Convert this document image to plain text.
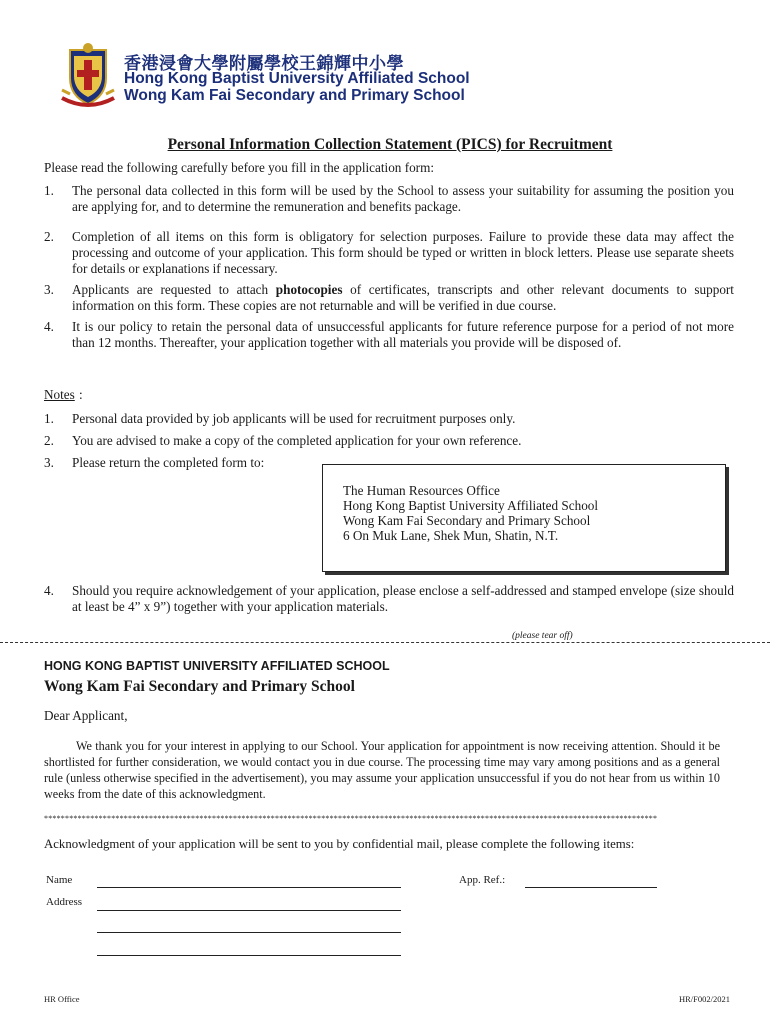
香港浸會大學附屬學校王錦輝中小學
Hong Kong Baptist University Affiliated School
Wong Kam Fai Secondary and Primary School
Personal Information Collection Statement (PICS) for Recruitment
Please read the following carefully before you fill in the application form:
1.	The personal data collected in this form will be used by the School to assess your suitability for assuming the position you are applying for, and to determine the remuneration and benefits package.
2.	Completion of all items on this form is obligatory for selection purposes. Failure to provide these data may affect the processing and outcome of your application. This form should be typed or written in block letters. Please use separate sheets for details or explanations if necessary.
3.	Applicants are requested to attach photocopies of certificates, transcripts and other relevant documents to support information on this form. These copies are not returnable and will be verified in due course.
4.	It is our policy to retain the personal data of unsuccessful applicants for future reference purpose for a period of not more than 12 months. Thereafter, your application together with all materials you provide will be disposed of.
Notes :
1.	Personal data provided by job applicants will be used for recruitment purposes only.
2.	You are advised to make a copy of the completed application for your own reference.
3.	Please return the completed form to:
The Human Resources Office
Hong Kong Baptist University Affiliated School
Wong Kam Fai Secondary and Primary School
6 On Muk Lane, Shek Mun, Shatin, N.T.
4.	Should you require acknowledgement of your application, please enclose a self-addressed and stamped envelope (size should at least be 4” x 9”) together with your application materials.
(please tear off)
HONG KONG BAPTIST UNIVERSITY AFFILIATED SCHOOL
Wong Kam Fai Secondary and Primary School
Dear Applicant,
We thank you for your interest in applying to our School. Your application for appointment is now receiving attention. Should it be shortlisted for further consideration, we would contact you in due course. The processing time may vary among positions and as a general rule (unless otherwise specified in the advertisement), you may assume your application unsuccessful if you do not hear from us within 10 weeks from the date of this acknowledgment.
**************************************************************************************************************************************************
Acknowledgment of your application will be sent to you by confidential mail, please complete the following items:
Name	App. Ref.:
Address
HR Office	HR/F002/2021
